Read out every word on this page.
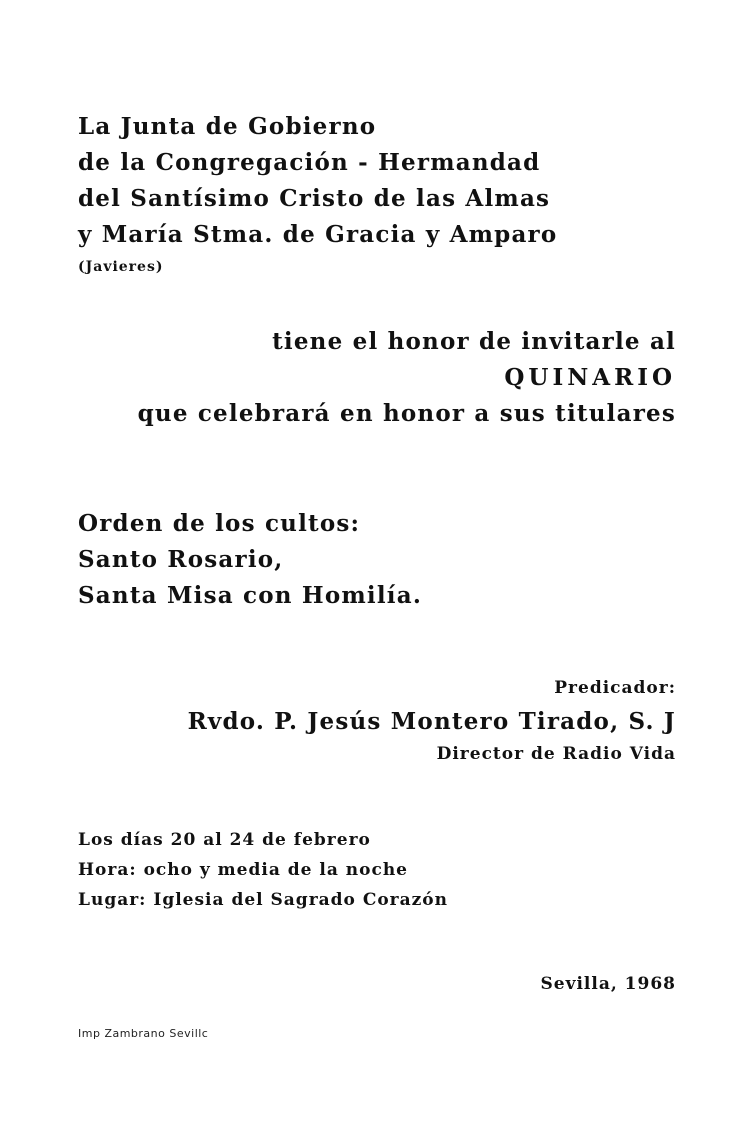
La Junta de Gobierno

de la Congregación - Hermandad

del Santísimo Cristo de las Almas

y María Stma. de Gracia y Amparo

(Javieres)

tiene el honor de invitarle al

QUINARIO

que celebrará en honor a sus titulares

Orden de los cultos:

Santo Rosario,

Santa Misa con Homilía.

Predicador:

Rvdo. P. Jesús Montero Tirado, S. J

Director de Radio Vida

Los días 20 al 24 de febrero

Hora: ocho y media de la noche

Lugar: Iglesia del Sagrado Corazón

Sevilla, 1968

Imp Zambrano Sevillc
